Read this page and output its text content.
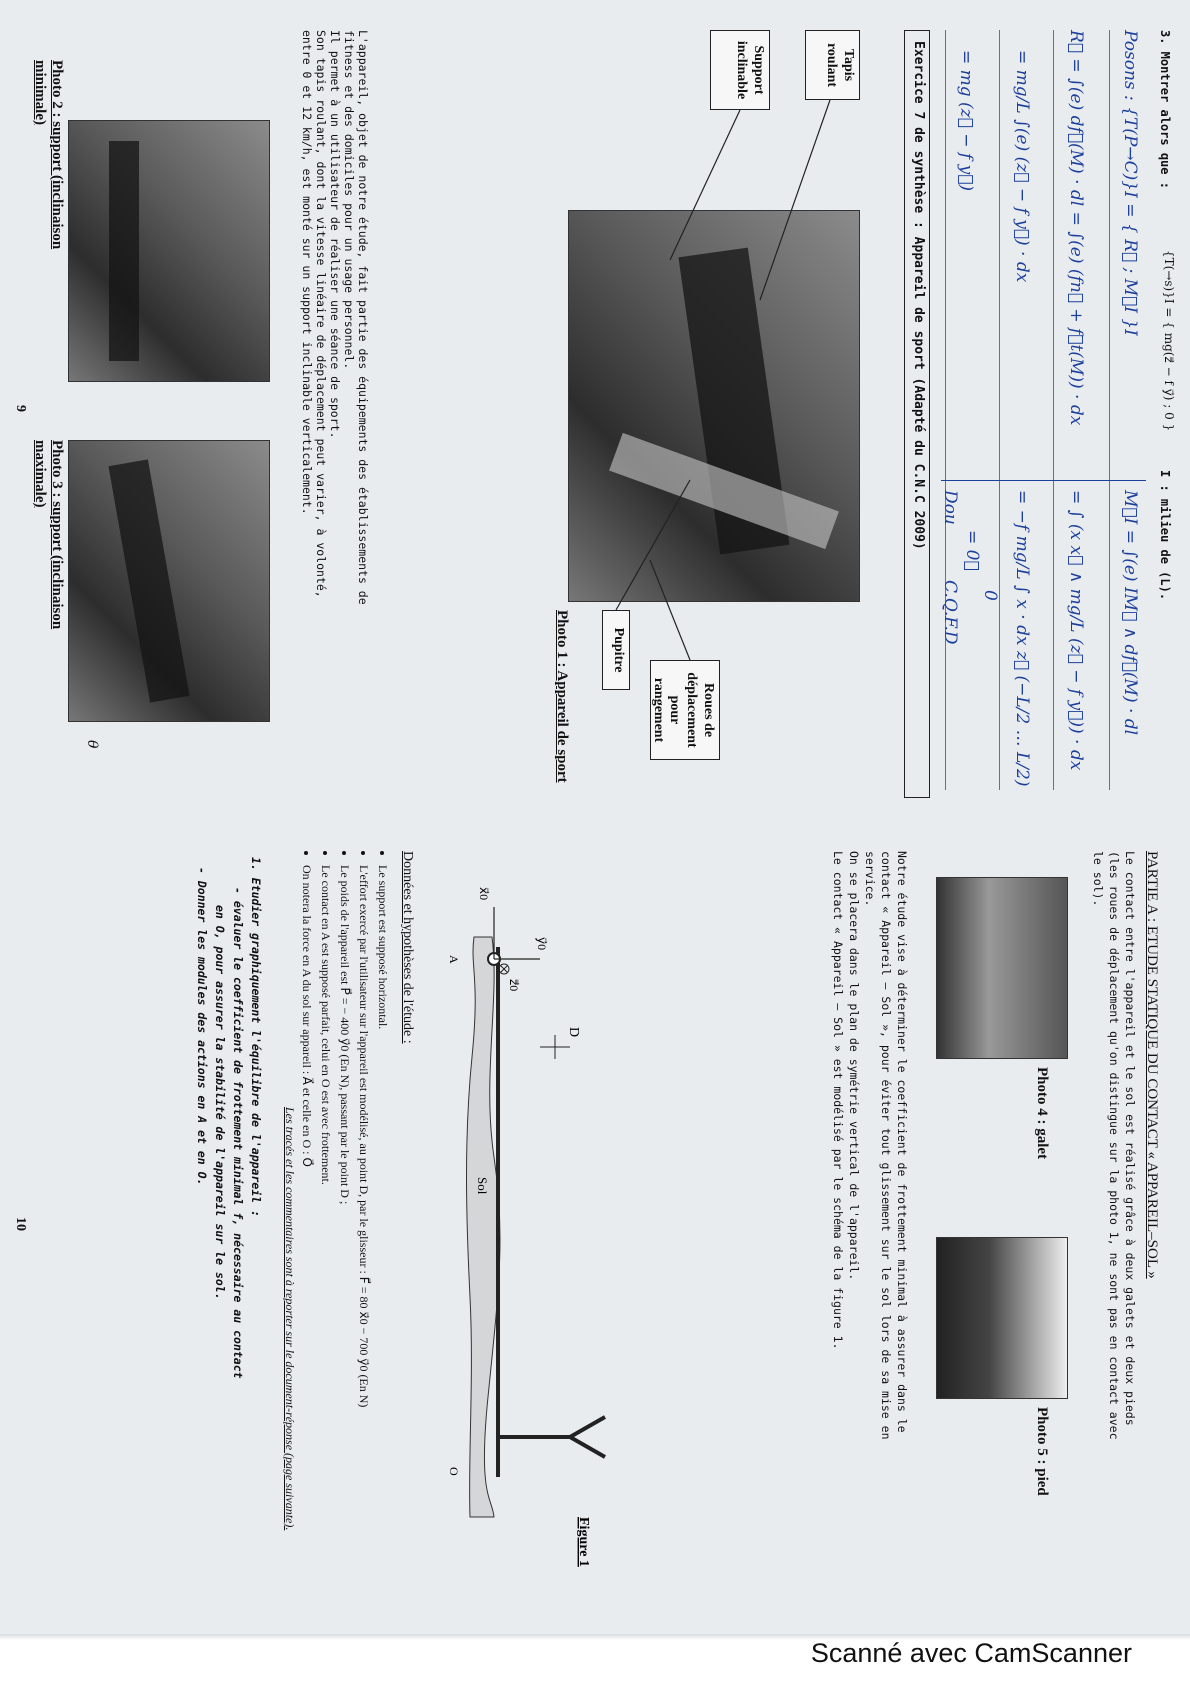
3. Montrer alors que :
{T(→s)}I = { mg(z⃗ − f y⃗) ; 0 }
I : milieu de (L).
Posons : {T(P→C)}I = { R⃗ ; M⃗I }I
M⃗I = ∫(e) IM⃗ ∧ df⃗(M) · dl
R⃗ = ∫(e) df⃗(M) · dl = ∫(e) (fn⃗ + f⃗t(M)) · dx
= ∫ (x x⃗ ∧ mg/L (z⃗ − f y⃗)) · dx
= mg/L ∫(e) (z⃗ − f y⃗) · dx
= −f mg/L ∫ x · dx z⃗ (−L/2 … L/2)
0
= mg (z⃗ − f y⃗)
= 0⃗
Dou
C.Q.F.D
Exercice 7 de synthèse : Appareil de sport (Adapté du C.N.C 2009)
Tapis roulant
Support inclinable
Pupitre
Roues de déplacement pour rangement
Photo 1 : Appareil de sport
L'appareil, objet de notre étude, fait partie des équipements des établissements de
fitness et des domiciles pour un usage personnel.
Il permet à un utilisateur de réaliser une séance de sport.
Son tapis roulant, dont la vitesse linéaire de déplacement peut varier, à volonté,
entre 0 et 12 km/h, est monté sur un support inclinable verticalement.
θ
Photo 2 : support (inclinaison
minimale)
Photo 3 : support (inclinaison
maximale)
9
PARTIE A : ETUDE STATIQUE DU CONTACT « APPAREIL–SOL »
Le contact entre l'appareil et le sol est réalisé grâce à deux galets et deux pieds
(les roues de déplacement qu'on distingue sur la photo 1, ne sont pas en contact avec
le sol).
Photo 4 : galet
Photo 5 : pied
Notre étude vise à déterminer le coefficient de frottement minimal à assurer dans le
contact « Appareil – Sol », pour éviter tout glissement sur le sol lors de sa mise en
service.
On se placera dans le plan de symétrie vertical de l'appareil.
Le contact « Appareil – Sol » est modélisé par le schéma de la figure 1.
D
A
O
Sol
y⃗0
x⃗0
z⃗0
Figure 1
Données et hypothèses de l'étude :
• Le support est supposé horizontal.
• L'effort exercé par l'utilisateur sur l'appareil est modélisé, au point D, par le glisseur : F⃗ = 80 x⃗0 − 700 y⃗0 (En N)
• Le poids de l'appareil est P⃗ = − 400 y⃗0 (En N), passant par le point D ;
• Le contact en A est supposé parfait, celui en O est avec frottement.
• On notera la force en A du sol sur appareil : A⃗ et celle en O : O⃗
Les tracés et les commentaires sont à reporter sur le document-réponse (page suivante).
1. Etudier graphiquement l'équilibre de l'appareil :
- évaluer le coefficient de frottement minimal f, nécessaire au contact
en O, pour assurer la stabilité de l'appareil sur le sol.
- Donner les modules des actions en A et en O.
10
Scanné avec CamScanner
